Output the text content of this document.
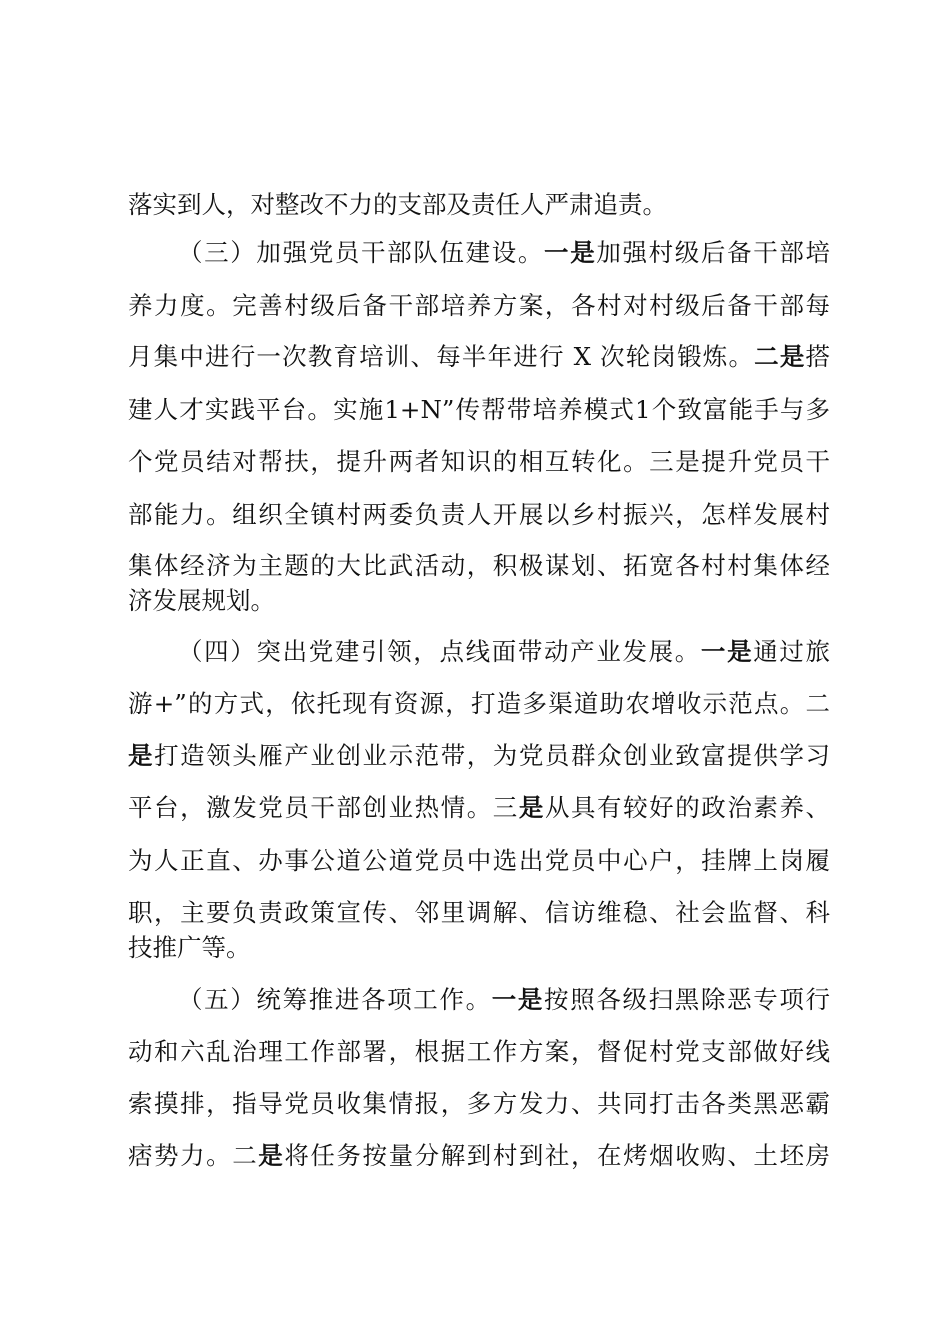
落实到人，对整改不力的支部及责任人严肃追责。
（三）加强党员干部队伍建设。一是加强村级后备干部培
养力度。完善村级后备干部培养方案，各村对村级后备干部每
月集中进行一次教育培训、每半年进行 X 次轮岗锻炼。二是搭
建人才实践平台。实施1+N”传帮带培养模式1个致富能手与多
个党员结对帮扶，提升两者知识的相互转化。三是提升党员干
部能力。组织全镇村两委负责人开展以乡村振兴，怎样发展村
集体经济为主题的大比武活动，积极谋划、拓宽各村村集体经
济发展规划。
（四）突出党建引领，点线面带动产业发展。一是通过旅
游+”的方式，依托现有资源，打造多渠道助农增收示范点。二
是打造领头雁产业创业示范带，为党员群众创业致富提供学习
平台，激发党员干部创业热情。三是从具有较好的政治素养、
为人正直、办事公道公道党员中选出党员中心户，挂牌上岗履
职，主要负责政策宣传、邻里调解、信访维稳、社会监督、科
技推广等。
（五）统筹推进各项工作。一是按照各级扫黑除恶专项行
动和六乱治理工作部署，根据工作方案，督促村党支部做好线
索摸排，指导党员收集情报，多方发力、共同打击各类黑恶霸
痞势力。二是将任务按量分解到村到社，在烤烟收购、土坯房
